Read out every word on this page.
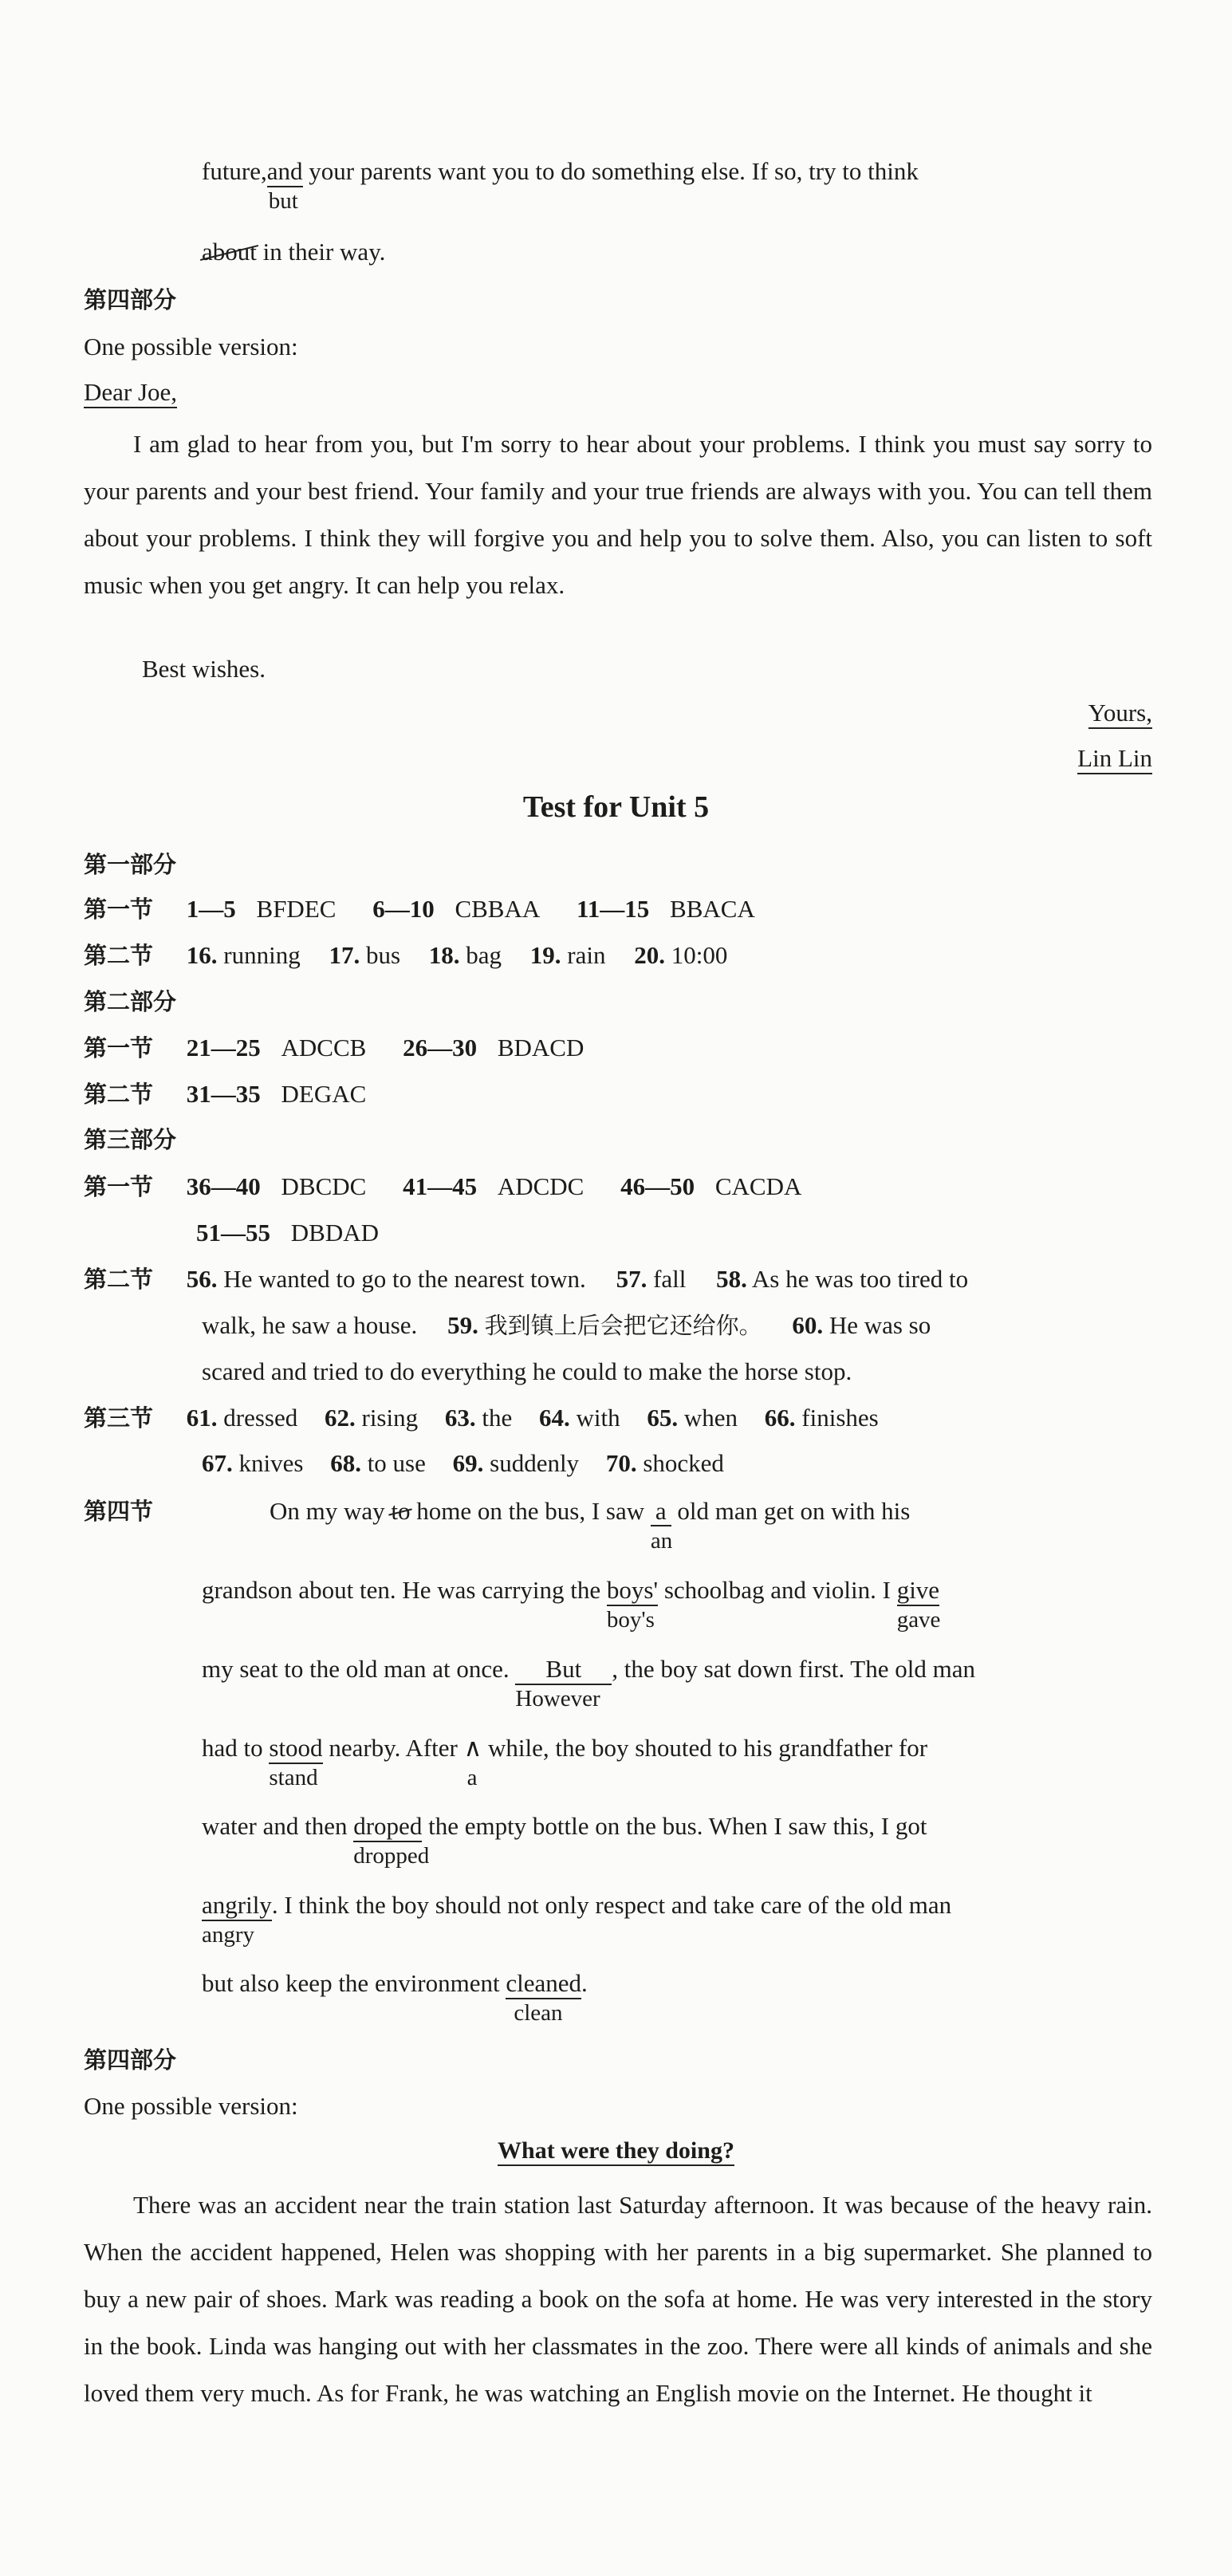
future,and
but
your parents want you to do something else. If so, try to think
about in their way.
第四部分
One possible version:
Dear Joe,

I am glad to hear from you, but I'm sorry to hear about your problems. I think you must say sorry to your parents and your best friend. Your family and your true friends are always with you. You can tell them about your problems. I think they will forgive you and help you to solve them. Also, you can listen to soft music when you get angry. It can help you relax.

Best wishes.
Yours,
Lin Lin
Test for Unit 5
第一部分
第一节 1—5 BFDEC 6—10 CBBAA 11—15 BBACA
第二节 16. running 17. bus 18. bag 19. rain 20. 10:00
第二部分
第一节 21—25 ADCCB 26—30 BDACD
第二节 31—35 DEGAC
第三部分
第一节 36—40 DBCDC 41—45 ADCDC 46—50 CACDA
51—55 DBDAD
第二节 56. He wanted to go to the nearest town. 57. fall 58. As he was too tired to
walk, he saw a house. 59. 我到镇上后会把它还给你。 60. He was so
scared and tried to do everything he could to make the horse stop.
第三节 61. dressed 62. rising 63. the 64. with 65. when 66. finishes
67. knives 68. to use 69. suddenly 70. shocked
第四节	On my way to home on the bus, I saw $\frac{a}{an}$ old man get on with his
grandson about ten. He was carrying the boys'
boy's
schoolbag and violin. I give
gave
my seat to the old man at once. But
However
, the boy sat down first. The old man
had to stood
stand
nearby. After ∧
a
while, the boy shouted to his grandfather for
water and then droped
dropped
the empty bottle on the bus. When I saw this, I got
angrily
angry
. I think the boy should not only respect and take care of the old man
but also keep the environment cleaned
clean
.
第四部分
One possible version:
What were they doing?

There was an accident near the train station last Saturday afternoon. It was because of the heavy rain. When the accident happened, Helen was shopping with her parents in a big supermarket. She planned to buy a new pair of shoes. Mark was reading a book on the sofa at home. He was very interested in the story in the book. Linda was hanging out with her classmates in the zoo. There were all kinds of animals and she loved them very much. As for Frank, he was watching an English movie on the Internet. He thought it
